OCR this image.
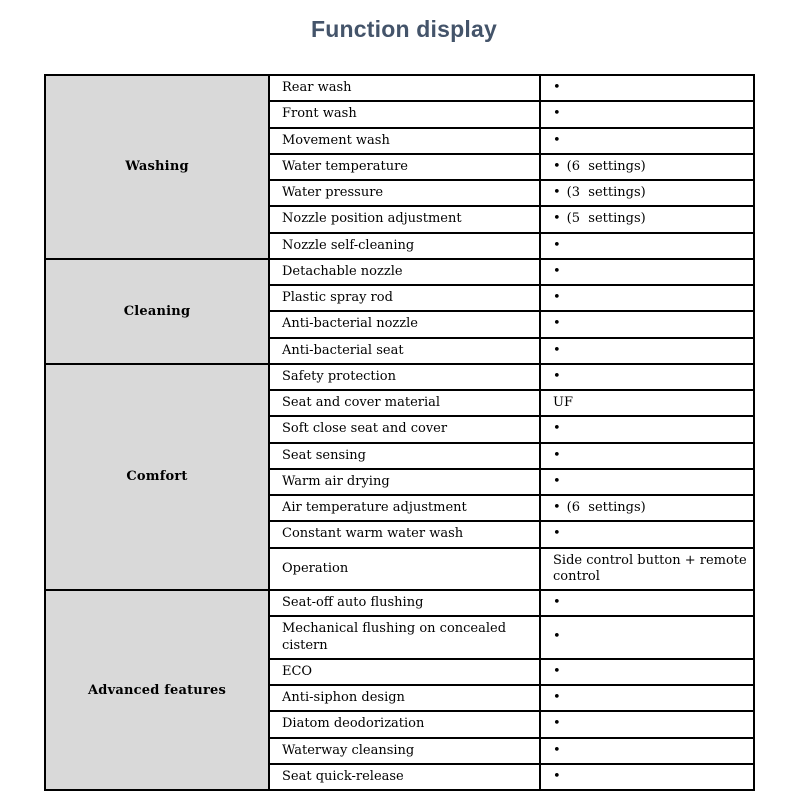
Function display
Washing	Rear wash	•
	Front wash	•
	Movement wash	•
	Water temperature	• (6  settings)
	Water pressure	• (3  settings)
	Nozzle position adjustment	• (5  settings)
	Nozzle self-cleaning	•
Cleaning	Detachable nozzle	•
	Plastic spray rod	•
	Anti-bacterial nozzle	•
	Anti-bacterial seat	•
Comfort	Safety protection	•
	Seat and cover material	UF
	Soft close seat and cover	•
	Seat sensing	•
	Warm air drying	•
	Air temperature adjustment	• (6  settings)
	Constant warm water wash	•
	Operation	Side control button + remote control
Advanced features	Seat-off auto flushing	•
	Mechanical flushing on concealed cistern	•
	ECO	•
	Anti-siphon design	•
	Diatom deodorization	•
	Waterway cleansing	•
	Seat quick-release	•
